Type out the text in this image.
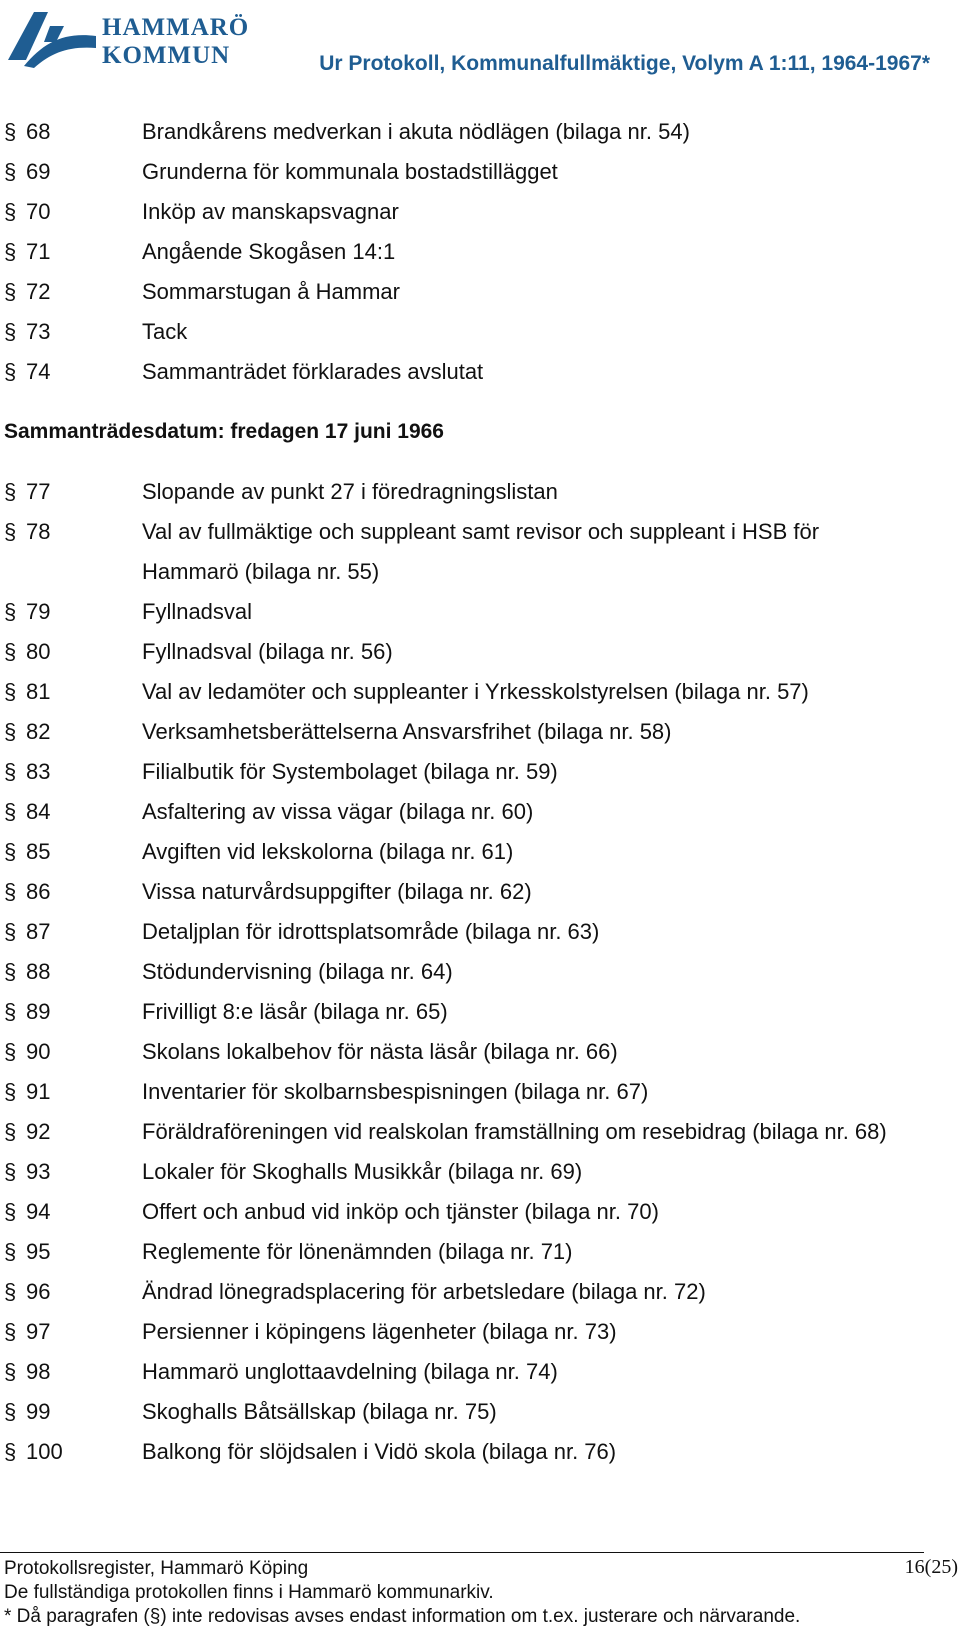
HAMMARÖ
KOMMUN	Ur Protokoll, Kommunalfullmäktige, Volym A 1:11, 1964-1967*
§ 68	Brandkårens medverkan i akuta nödlägen (bilaga nr. 54)
§ 69	Grunderna för kommunala bostadstillägget
§ 70	Inköp av manskapsvagnar
§ 71	Angående Skogåsen 14:1
§ 72	Sommarstugan å Hammar
§ 73	Tack
§ 74	Sammanträdet förklarades avslutat
Sammanträdesdatum: fredagen 17 juni 1966
§ 77	Slopande av punkt 27 i föredragningslistan
§ 78	Val av fullmäktige och suppleant samt revisor och suppleant i HSB för
Hammarö (bilaga nr. 55)
§ 79	Fyllnadsval
§ 80	Fyllnadsval (bilaga nr. 56)
§ 81	Val av ledamöter och suppleanter i Yrkesskolstyrelsen (bilaga nr. 57)
§ 82	Verksamhetsberättelserna Ansvarsfrihet (bilaga nr. 58)
§ 83	Filialbutik för Systembolaget (bilaga nr. 59)
§ 84	Asfaltering av vissa vägar (bilaga nr. 60)
§ 85	Avgiften vid lekskolorna (bilaga nr. 61)
§ 86	Vissa naturvårdsuppgifter (bilaga nr. 62)
§ 87	Detaljplan för idrottsplatsområde (bilaga nr. 63)
§ 88	Stödundervisning (bilaga nr. 64)
§ 89	Frivilligt 8:e läsår (bilaga nr. 65)
§ 90	Skolans lokalbehov för nästa läsår (bilaga nr. 66)
§ 91	Inventarier för skolbarnsbespisningen (bilaga nr. 67)
§ 92	Föräldraföreningen vid realskolan framställning om resebidrag (bilaga nr. 68)
§ 93	Lokaler för Skoghalls Musikkår (bilaga nr. 69)
§ 94	Offert och anbud vid inköp och tjänster (bilaga nr. 70)
§ 95	Reglemente för lönenämnden (bilaga nr. 71)
§ 96	Ändrad lönegradsplacering för arbetsledare (bilaga nr. 72)
§ 97	Persienner i köpingens lägenheter (bilaga nr. 73)
§ 98	Hammarö unglottaavdelning (bilaga nr. 74)
§ 99	Skoghalls Båtsällskap (bilaga nr. 75)
§ 100	Balkong för slöjdsalen i Vidö skola (bilaga nr. 76)
Protokollsregister, Hammarö Köping
De fullständiga protokollen finns i Hammarö kommunarkiv.
* Då paragrafen (§) inte redovisas avses endast information om t.ex. justerare och närvarande.
16(25)
